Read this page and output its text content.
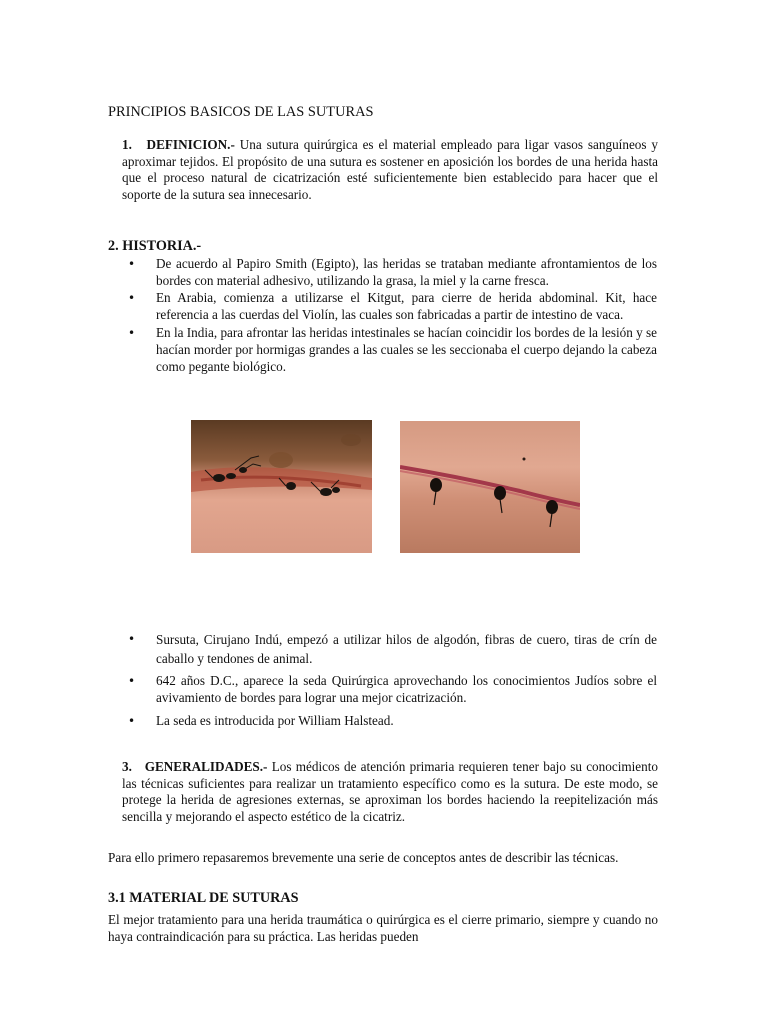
PRINCIPIOS BASICOS DE LAS SUTURAS
1.   DEFINICION.- Una sutura quirúrgica es el material empleado para ligar vasos sanguíneos y aproximar tejidos. El propósito de una sutura es sostener en aposición los bordes de una herida hasta que el proceso natural de cicatrización esté suficientemente bien establecido para hacer que el soporte de la sutura sea innecesario.
2. HISTORIA.-
• De acuerdo al Papiro Smith (Egipto), las heridas se trataban mediante afrontamientos de los bordes con material adhesivo, utilizando la grasa, la miel y la carne fresca.
• En Arabia, comienza a utilizarse el Kitgut, para cierre de herida abdominal. Kit, hace referencia a las cuerdas del Violín, las cuales son fabricadas a partir de intestino de vaca.
• En la India, para afrontar las heridas intestinales se hacían coincidir los bordes de la lesión y se hacían morder por hormigas grandes a las cuales se les seccionaba el cuerpo dejando la cabeza como pegante biológico.
• Sursuta, Cirujano Indú, empezó a utilizar hilos de algodón, fibras de cuero, tiras de crín de caballo y tendones de animal.
• 642 años D.C., aparece la seda Quirúrgica aprovechando los conocimientos Judíos sobre el avivamiento de bordes para lograr una mejor cicatrización.
• La seda es introducida por William Halstead.
3.   GENERALIDADES.- Los médicos de atención primaria requieren tener bajo su conocimiento las técnicas suficientes para realizar un tratamiento específico como es la sutura. De este modo, se protege la herida de agresiones externas, se aproximan los bordes haciendo la reepitelización más sencilla y mejorando el aspecto estético de la cicatriz.
Para ello primero repasaremos brevemente una serie de conceptos antes de describir las técnicas.
3.1 MATERIAL DE SUTURAS
El mejor tratamiento para una herida traumática o quirúrgica es el cierre primario, siempre y cuando no haya contraindicación para su práctica. Las heridas pueden
